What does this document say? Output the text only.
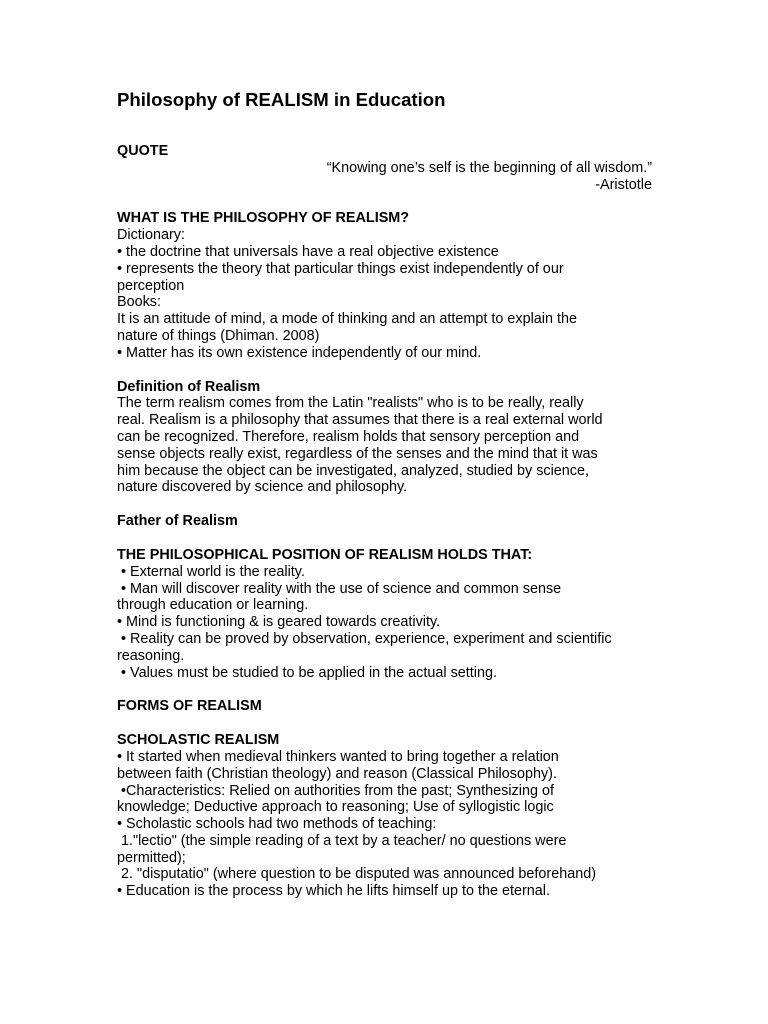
Philosophy of REALISM in Education
QUOTE
“Knowing one’s self is the beginning of all wisdom.”
-Aristotle
WHAT IS THE PHILOSOPHY OF REALISM?
Dictionary:
• the doctrine that universals have a real objective existence
• represents the theory that particular things exist independently of our
perception
Books:
It is an attitude of mind, a mode of thinking and an attempt to explain the
nature of things (Dhiman. 2008)
• Matter has its own existence independently of our mind.
Definition of Realism
The term realism comes from the Latin "realists" who is to be really, really
real. Realism is a philosophy that assumes that there is a real external world
can be recognized. Therefore, realism holds that sensory perception and
sense objects really exist, regardless of the senses and the mind that it was
him because the object can be investigated, analyzed, studied by science,
nature discovered by science and philosophy.
Father of Realism
THE PHILOSOPHICAL POSITION OF REALISM HOLDS THAT:
• External world is the reality.
• Man will discover reality with the use of science and common sense
through education or learning.
• Mind is functioning & is geared towards creativity.
• Reality can be proved by observation, experience, experiment and scientific
reasoning.
• Values must be studied to be applied in the actual setting.
FORMS OF REALISM
SCHOLASTIC REALISM
• It started when medieval thinkers wanted to bring together a relation
between faith (Christian theology) and reason (Classical Philosophy).
•Characteristics: Relied on authorities from the past; Synthesizing of
knowledge; Deductive approach to reasoning; Use of syllogistic logic
• Scholastic schools had two methods of teaching:
1."lectio" (the simple reading of a text by a teacher/ no questions were
permitted);
2. "disputatio" (where question to be disputed was announced beforehand)
• Education is the process by which he lifts himself up to the eternal.
